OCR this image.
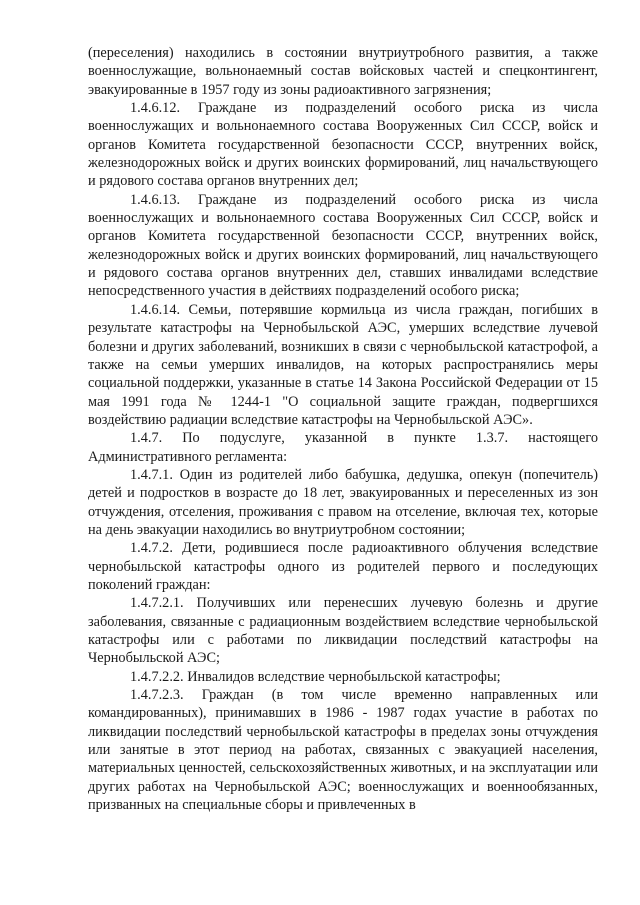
(переселения) находились в состоянии внутриутробного развития, а также военнослужащие, вольнонаемный состав войсковых частей и спецконтингент, эвакуированные в 1957 году из зоны радиоактивного загрязнения;

1.4.6.12. Граждане из подразделений особого риска из числа военнослужащих и вольнонаемного состава Вооруженных Сил СССР, войск и органов Комитета государственной безопасности СССР, внутренних войск, железнодорожных войск и других воинских формирований, лиц начальствующего и рядового состава органов внутренних дел;

1.4.6.13. Граждане из подразделений особого риска из числа военнослужащих и вольнонаемного состава Вооруженных Сил СССР, войск и органов Комитета государственной безопасности СССР, внутренних войск, железнодорожных войск и других воинских формирований, лиц начальствующего и рядового состава органов внутренних дел, ставших инвалидами вследствие непосредственного участия в действиях подразделений особого риска;

1.4.6.14. Семьи, потерявшие кормильца из числа граждан, погибших в результате катастрофы на Чернобыльской АЭС, умерших вследствие лучевой болезни и других заболеваний, возникших в связи с чернобыльской катастрофой, а также на семьи умерших инвалидов, на которых распространялись меры социальной поддержки, указанные в статье 14 Закона Российской Федерации от 15 мая 1991 года № 1244-1 "О социальной защите граждан, подвергшихся воздействию радиации вследствие катастрофы на Чернобыльской АЭС».

1.4.7. По подуслуге, указанной в пункте 1.3.7. настоящего Административного регламента:

1.4.7.1. Один из родителей либо бабушка, дедушка, опекун (попечитель) детей и подростков в возрасте до 18 лет, эвакуированных и переселенных из зон отчуждения, отселения, проживания с правом на отселение, включая тех, которые на день эвакуации находились во внутриутробном состоянии;

1.4.7.2. Дети, родившиеся после радиоактивного облучения вследствие чернобыльской катастрофы одного из родителей первого и последующих поколений граждан:

1.4.7.2.1. Получивших или перенесших лучевую болезнь и другие заболевания, связанные с радиационным воздействием вследствие чернобыльской катастрофы или с работами по ликвидации последствий катастрофы на Чернобыльской АЭС;

1.4.7.2.2. Инвалидов вследствие чернобыльской катастрофы;

1.4.7.2.3. Граждан (в том числе временно направленных или командированных), принимавших в 1986 - 1987 годах участие в работах по ликвидации последствий чернобыльской катастрофы в пределах зоны отчуждения или занятые в этот период на работах, связанных с эвакуацией населения, материальных ценностей, сельскохозяйственных животных, и на эксплуатации или других работах на Чернобыльской АЭС; военнослужащих и военнообязанных, призванных на специальные сборы и привлеченных в
